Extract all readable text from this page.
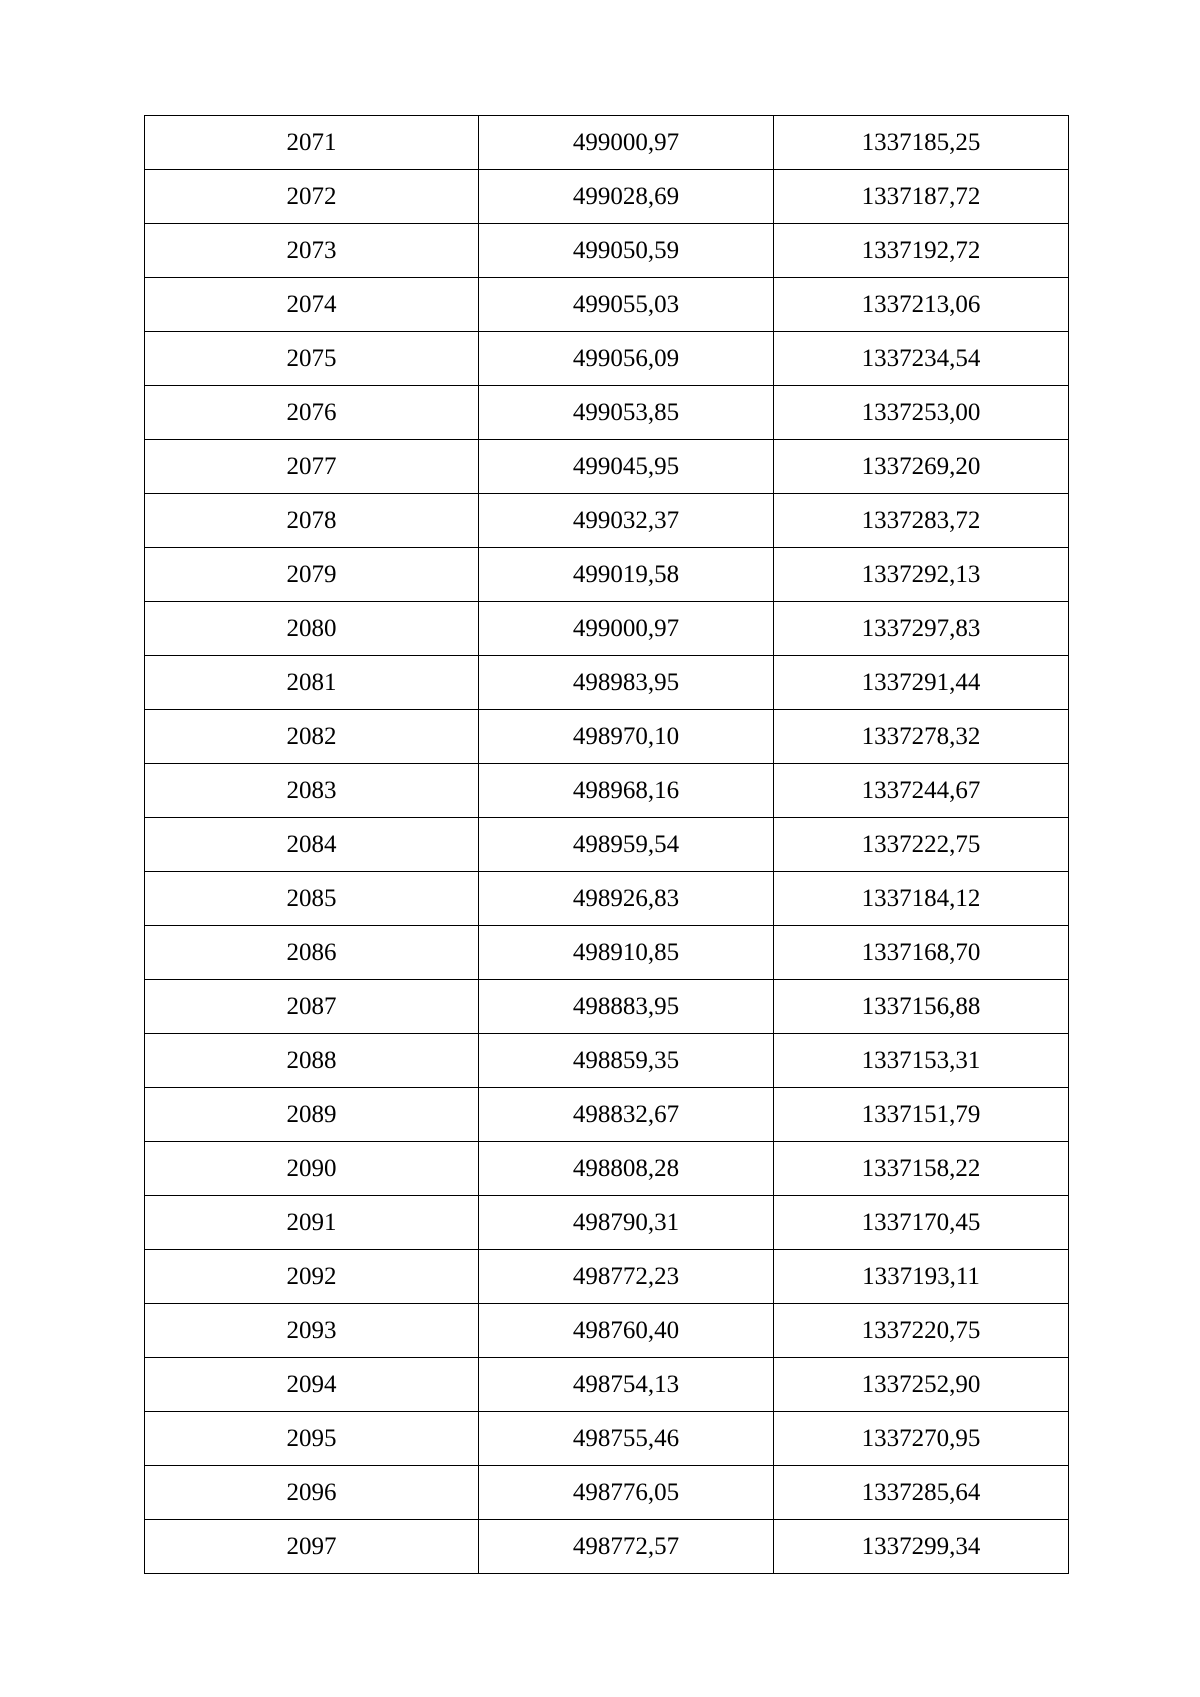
2071	499000,97	1337185,25
2072	499028,69	1337187,72
2073	499050,59	1337192,72
2074	499055,03	1337213,06
2075	499056,09	1337234,54
2076	499053,85	1337253,00
2077	499045,95	1337269,20
2078	499032,37	1337283,72
2079	499019,58	1337292,13
2080	499000,97	1337297,83
2081	498983,95	1337291,44
2082	498970,10	1337278,32
2083	498968,16	1337244,67
2084	498959,54	1337222,75
2085	498926,83	1337184,12
2086	498910,85	1337168,70
2087	498883,95	1337156,88
2088	498859,35	1337153,31
2089	498832,67	1337151,79
2090	498808,28	1337158,22
2091	498790,31	1337170,45
2092	498772,23	1337193,11
2093	498760,40	1337220,75
2094	498754,13	1337252,90
2095	498755,46	1337270,95
2096	498776,05	1337285,64
2097	498772,57	1337299,34
